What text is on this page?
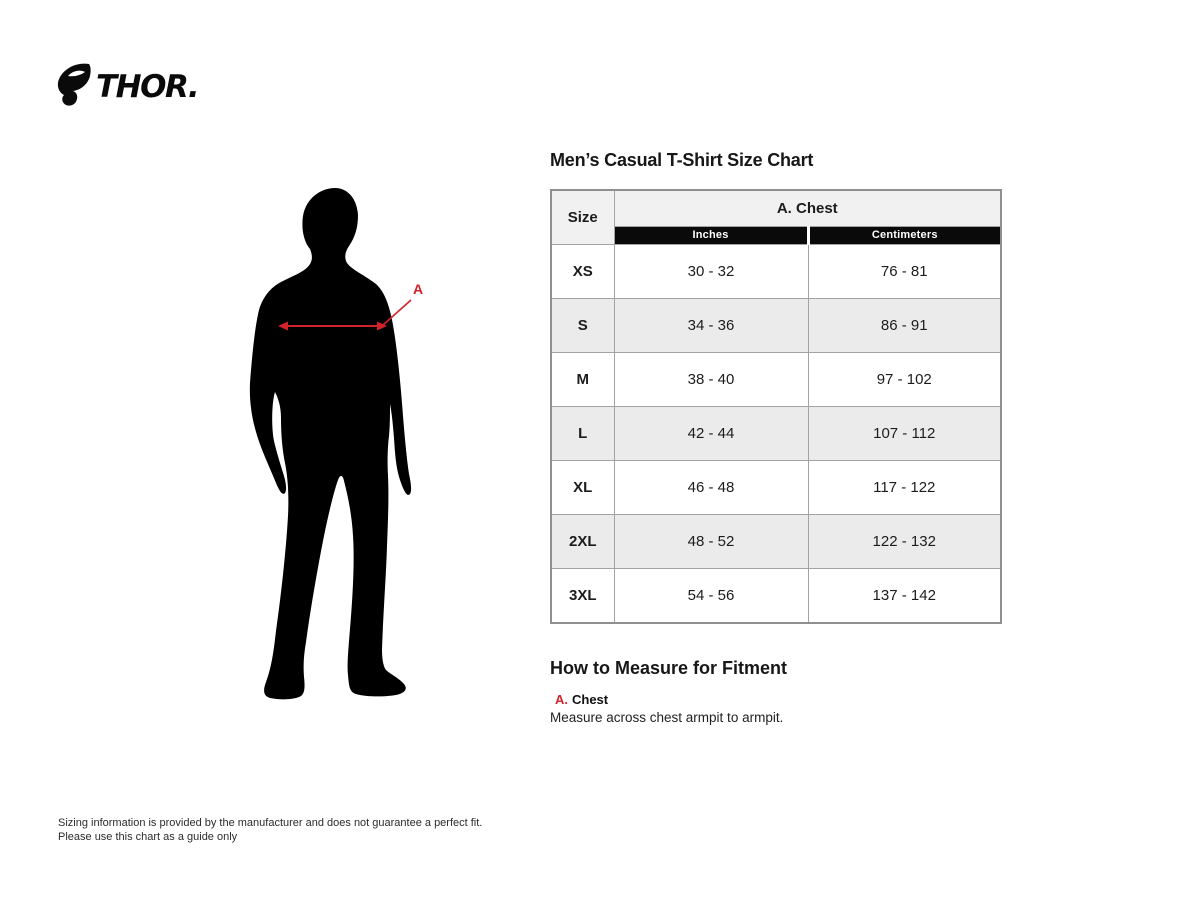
THOR.
A
Men’s Casual T-Shirt Size Chart
Size	A. Chest	
	Inches	Centimeters
XS	30 - 32	76 - 81
S	34 - 36	86 - 91
M	38 - 40	97 - 102
L	42 - 44	107 - 112
XL	46 - 48	117 - 122
2XL	48 - 52	122 - 132
3XL	54 - 56	137 - 142
How to Measure for Fitment
A. Chest
Measure across chest armpit to armpit.
Sizing information is provided by the manufacturer and does not guarantee a perfect fit.
Please use this chart as a guide only
